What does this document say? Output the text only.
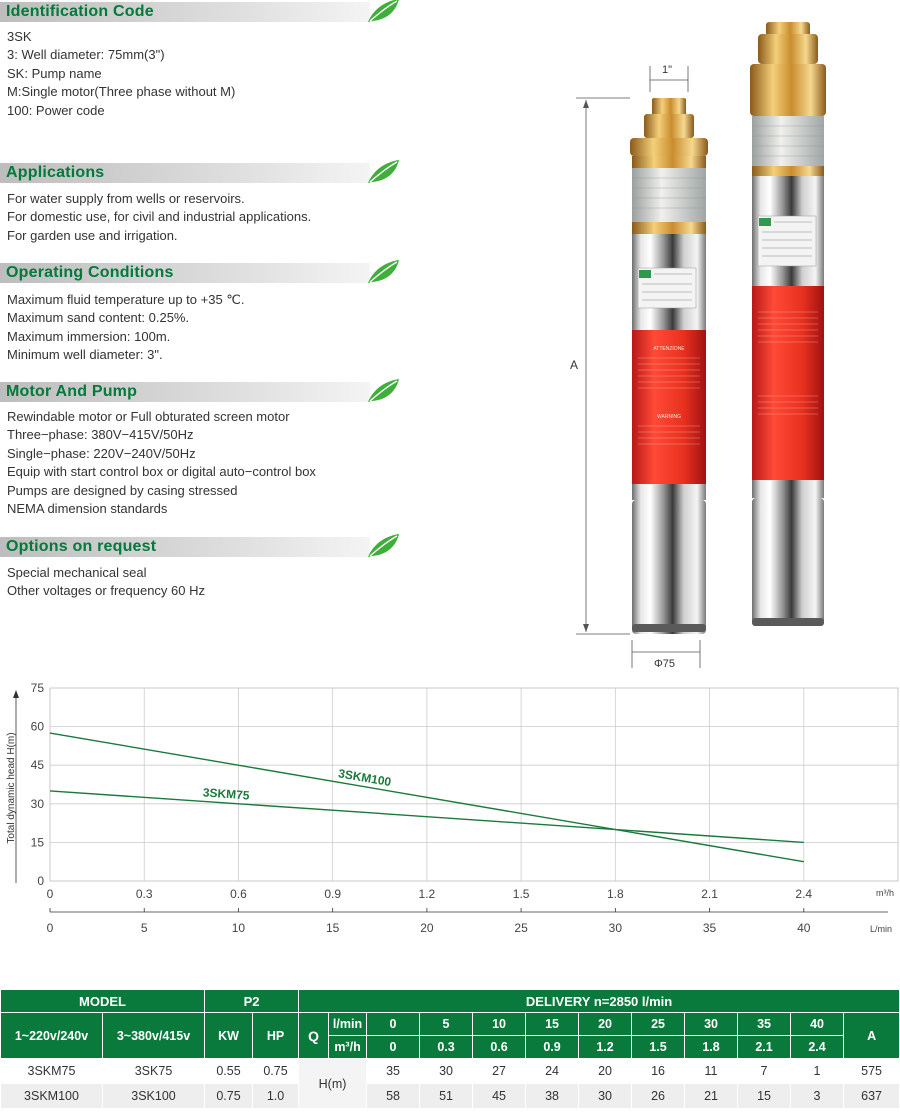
Identification Code
3SK
3: Well diameter: 75mm(3")
SK: Pump name
M:Single motor(Three phase without M)
100: Power code
Applications
For water supply from wells or reservoirs.
For domestic use, for civil and industrial applications.
For garden use and irrigation.
Operating Conditions
Maximum fluid temperature up to +35 ℃.
Maximum sand content: 0.25%.
Maximum immersion: 100m.
Minimum well diameter: 3".
Motor And Pump
Rewindable motor or Full obturated screen motor
Three−phase: 380V−415V/50Hz
Single−phase: 220V−240V/50Hz
Equip with start control box or digital auto−control box
Pumps are designed by casing stressed
NEMA dimension standards
Options on request
Special mechanical seal
Other voltages or frequency 60 Hz
ATTENZIONE
WARNING
1"
A
Φ75
0
15
30
45
60
75
Total dynamic head H(m)
0	0.3	0.6	0.9	1.2	1.5	1.8	2.1	2.4	m³/h
0	5	10	15	20	25	30	35	40	L/min
3SKM100
3SKM75
MODEL		P2		DELIVERY n=2850 l/min											
1~220v/240v	3~380v/415v	KW	HP	Q	l/min	0	5	10	15	20	25	30	35	40	A
					m³/h	0	0.3	0.6	0.9	1.2	1.5	1.8	2.1	2.4	
3SKM75	3SK75	0.55	0.75	H(m)		35	30	27	24	20	16	11	7	1	575
3SKM100	3SK100	0.75	1.0			58	51	45	38	30	26	21	15	3	637
